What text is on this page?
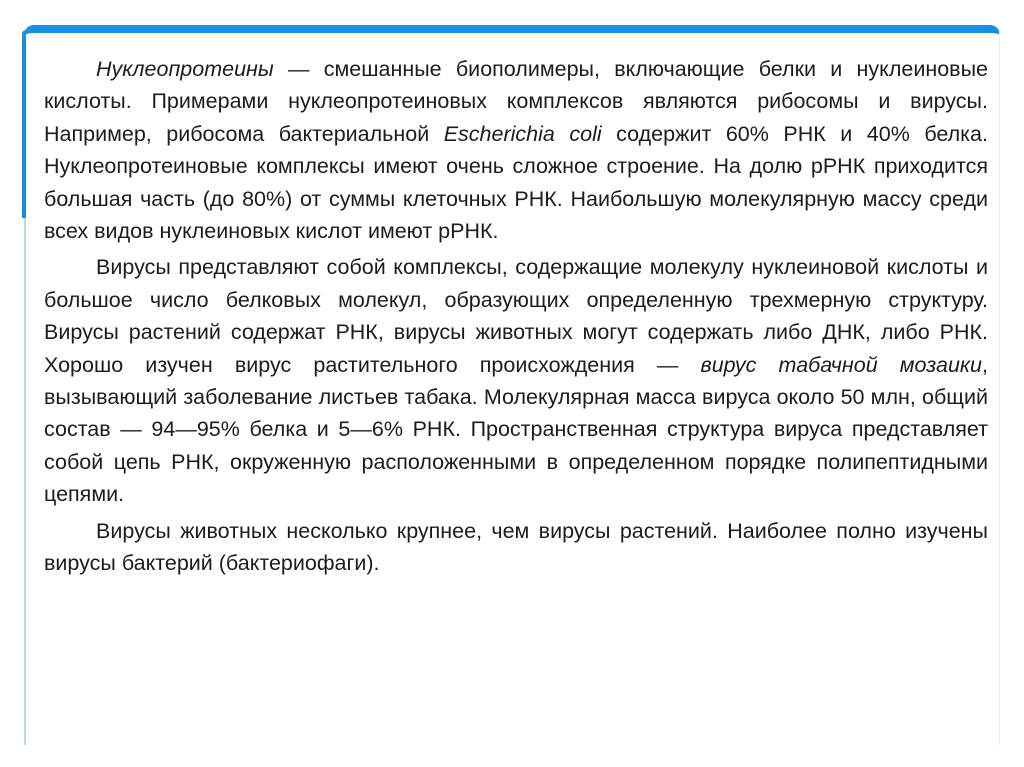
Нуклеопротеины — смешанные биополимеры, включающие белки и нуклеиновые кислоты. Примерами нуклеопротеиновых комплексов являются рибосомы и вирусы. Например, рибосома бактериальной Escherichia coli содержит 60% РНК и 40% белка. Нуклеопротеиновые комплексы имеют очень сложное строение. На долю рРНК приходится большая часть (до 80%) от суммы клеточных РНК. Наибольшую молекулярную массу среди всех видов нуклеиновых кислот имеют рРНК.

Вирусы представляют собой комплексы, содержащие молекулу нуклеиновой кислоты и большое число белковых молекул, образующих определенную трехмерную структуру. Вирусы растений содержат РНК, вирусы животных могут содержать либо ДНК, либо РНК. Хорошо изучен вирус растительного происхождения — вирус табачной мозаики, вызывающий заболевание листьев табака. Молекулярная масса вируса около 50 млн, общий состав — 94—95% белка и 5—6% РНК. Пространственная структура вируса представляет собой цепь РНК, окруженную расположенными в определенном порядке полипептидными цепями.

Вирусы животных несколько крупнее, чем вирусы растений. Наиболее полно изучены вирусы бактерий (бактериофаги).
